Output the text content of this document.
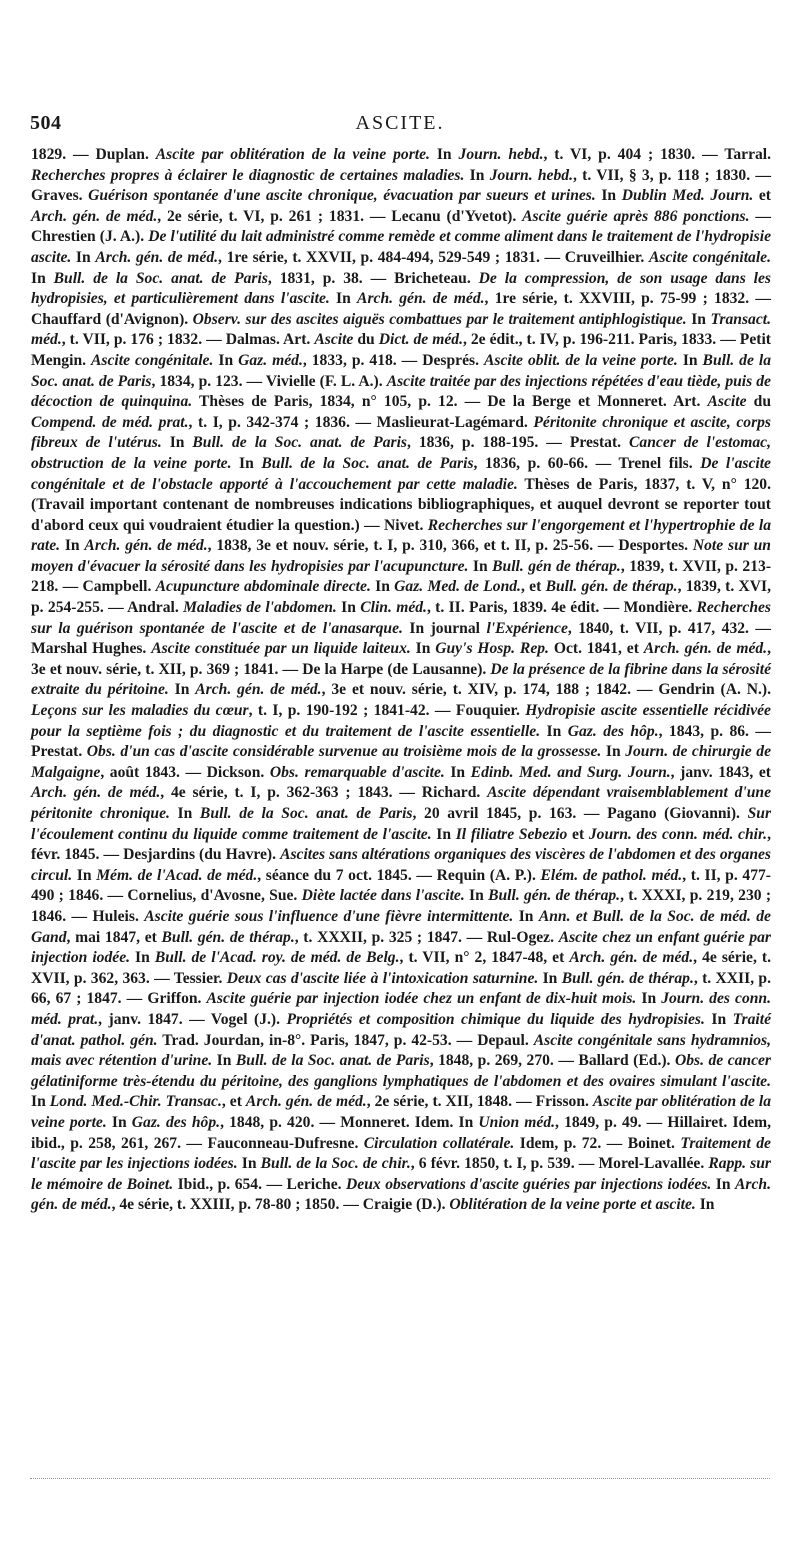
504	ASCITE.
1829. — Duplan. Ascite par oblitération de la veine porte. In Journ. hebd., t. VI, p. 404 ; 1830. — Tarral. Recherches propres à éclairer le diagnostic de certaines maladies. In Journ. hebd., t. VII, § 3, p. 118 ; 1830. — Graves. Guérison spontanée d'une ascite chronique, évacuation par sueurs et urines. In Dublin Med. Journ. et Arch. gén. de méd., 2e série, t. VI, p. 261 ; 1831. — Lecanu (d'Yvetot). Ascite guérie après 886 ponctions. — Chrestien (J. A.). De l'utilité du lait administré comme remède et comme aliment dans le traitement de l'hydropisie ascite. In Arch. gén. de méd., 1re série, t. XXVII, p. 484-494, 529-549 ; 1831. — Cruveilhier. Ascite congénitale. In Bull. de la Soc. anat. de Paris, 1831, p. 38. — Bricheteau. De la compression, de son usage dans les hydropisies, et particulièrement dans l'ascite. In Arch. gén. de méd., 1re série, t. XXVIII, p. 75-99 ; 1832. — Chauffard (d'Avignon). Observ. sur des ascites aiguës combattues par le traitement antiphlogistique. In Transact. méd., t. VII, p. 176 ; 1832. — Dalmas. Art. Ascite du Dict. de méd., 2e édit., t. IV, p. 196-211. Paris, 1833. — Petit Mengin. Ascite congénitale. In Gaz. méd., 1833, p. 418. — Després. Ascite oblit. de la veine porte. In Bull. de la Soc. anat. de Paris, 1834, p. 123. — Vivielle (F. L. A.). Ascite traitée par des injections répétées d'eau tiède, puis de décoction de quinquina. Thèses de Paris, 1834, n° 105, p. 12. — De la Berge et Monneret. Art. Ascite du Compend. de méd. prat., t. I, p. 342-374 ; 1836. — Maslieurat-Lagémard. Péritonite chronique et ascite, corps fibreux de l'utérus. In Bull. de la Soc. anat. de Paris, 1836, p. 188-195. — Prestat. Cancer de l'estomac, obstruction de la veine porte. In Bull. de la Soc. anat. de Paris, 1836, p. 60-66. — Trenel fils. De l'ascite congénitale et de l'obstacle apporté à l'accouchement par cette maladie. Thèses de Paris, 1837, t. V, n° 120. (Travail important contenant de nombreuses indications bibliographiques, et auquel devront se reporter tout d'abord ceux qui voudraient étudier la question.) — Nivet. Recherches sur l'engorgement et l'hypertrophie de la rate. In Arch. gén. de méd., 1838, 3e et nouv. série, t. I, p. 310, 366, et t. II, p. 25-56. — Desportes. Note sur un moyen d'évacuer la sérosité dans les hydropisies par l'acupuncture. In Bull. gén de thérap., 1839, t. XVII, p. 213-218. — Campbell. Acupuncture abdominale directe. In Gaz. Med. de Lond., et Bull. gén. de thérap., 1839, t. XVI, p. 254-255. — Andral. Maladies de l'abdomen. In Clin. méd., t. II. Paris, 1839. 4e édit. — Mondière. Recherches sur la guérison spontanée de l'ascite et de l'anasarque. In journal l'Expérience, 1840, t. VII, p. 417, 432. — Marshal Hughes. Ascite constituée par un liquide laiteux. In Guy's Hosp. Rep. Oct. 1841, et Arch. gén. de méd., 3e et nouv. série, t. XII, p. 369 ; 1841. — De la Harpe (de Lausanne). De la présence de la fibrine dans la sérosité extraite du péritoine. In Arch. gén. de méd., 3e et nouv. série, t. XIV, p. 174, 188 ; 1842. — Gendrin (A. N.). Leçons sur les maladies du cœur, t. I, p. 190-192 ; 1841-42. — Fouquier. Hydropisie ascite essentielle récidivée pour la septième fois ; du diagnostic et du traitement de l'ascite essentielle. In Gaz. des hôp., 1843, p. 86. — Prestat. Obs. d'un cas d'ascite considérable survenue au troisième mois de la grossesse. In Journ. de chirurgie de Malgaigne, août 1843. — Dickson. Obs. remarquable d'ascite. In Edinb. Med. and Surg. Journ., janv. 1843, et Arch. gén. de méd., 4e série, t. I, p. 362-363 ; 1843. — Richard. Ascite dépendant vraisemblablement d'une péritonite chronique. In Bull. de la Soc. anat. de Paris, 20 avril 1845, p. 163. — Pagano (Giovanni). Sur l'écoulement continu du liquide comme traitement de l'ascite. In Il filiatre Sebezio et Journ. des conn. méd. chir., févr. 1845. — Desjardins (du Havre). Ascites sans altérations organiques des viscères de l'abdomen et des organes circul. In Mém. de l'Acad. de méd., séance du 7 oct. 1845. — Requin (A. P.). Elém. de pathol. méd., t. II, p. 477-490 ; 1846. — Cornelius, d'Avosne, Sue. Diète lactée dans l'ascite. In Bull. gén. de thérap., t. XXXI, p. 219, 230 ; 1846. — Huleis. Ascite guérie sous l'influence d'une fièvre intermittente. In Ann. et Bull. de la Soc. de méd. de Gand, mai 1847, et Bull. gén. de thérap., t. XXXII, p. 325 ; 1847. — Rul-Ogez. Ascite chez un enfant guérie par injection iodée. In Bull. de l'Acad. roy. de méd. de Belg., t. VII, n° 2, 1847-48, et Arch. gén. de méd., 4e série, t. XVII, p. 362, 363. — Tessier. Deux cas d'ascite liée à l'intoxication saturnine. In Bull. gén. de thérap., t. XXII, p. 66, 67 ; 1847. — Griffon. Ascite guérie par injection iodée chez un enfant de dix-huit mois. In Journ. des conn. méd. prat., janv. 1847. — Vogel (J.). Propriétés et composition chimique du liquide des hydropisies. In Traité d'anat. pathol. gén. Trad. Jourdan, in-8°. Paris, 1847, p. 42-53. — Depaul. Ascite congénitale sans hydramnios, mais avec rétention d'urine. In Bull. de la Soc. anat. de Paris, 1848, p. 269, 270. — Ballard (Ed.). Obs. de cancer gélatiniforme très-étendu du péritoine, des ganglions lymphatiques de l'abdomen et des ovaires simulant l'ascite. In Lond. Med.-Chir. Transac., et Arch. gén. de méd., 2e série, t. XII, 1848. — Frisson. Ascite par oblitération de la veine porte. In Gaz. des hôp., 1848, p. 420. — Monneret. Idem. In Union méd., 1849, p. 49. — Hillairet. Idem, ibid., p. 258, 261, 267. — Fauconneau-Dufresne. Circulation collatérale. Idem, p. 72. — Boinet. Traitement de l'ascite par les injections iodées. In Bull. de la Soc. de chir., 6 févr. 1850, t. I, p. 539. — Morel-Lavallée. Rapp. sur le mémoire de Boinet. Ibid., p. 654. — Leriche. Deux observations d'ascite guéries par injections iodées. In Arch. gén. de méd., 4e série, t. XXIII, p. 78-80 ; 1850. — Craigie (D.). Oblitération de la veine porte et ascite. In
